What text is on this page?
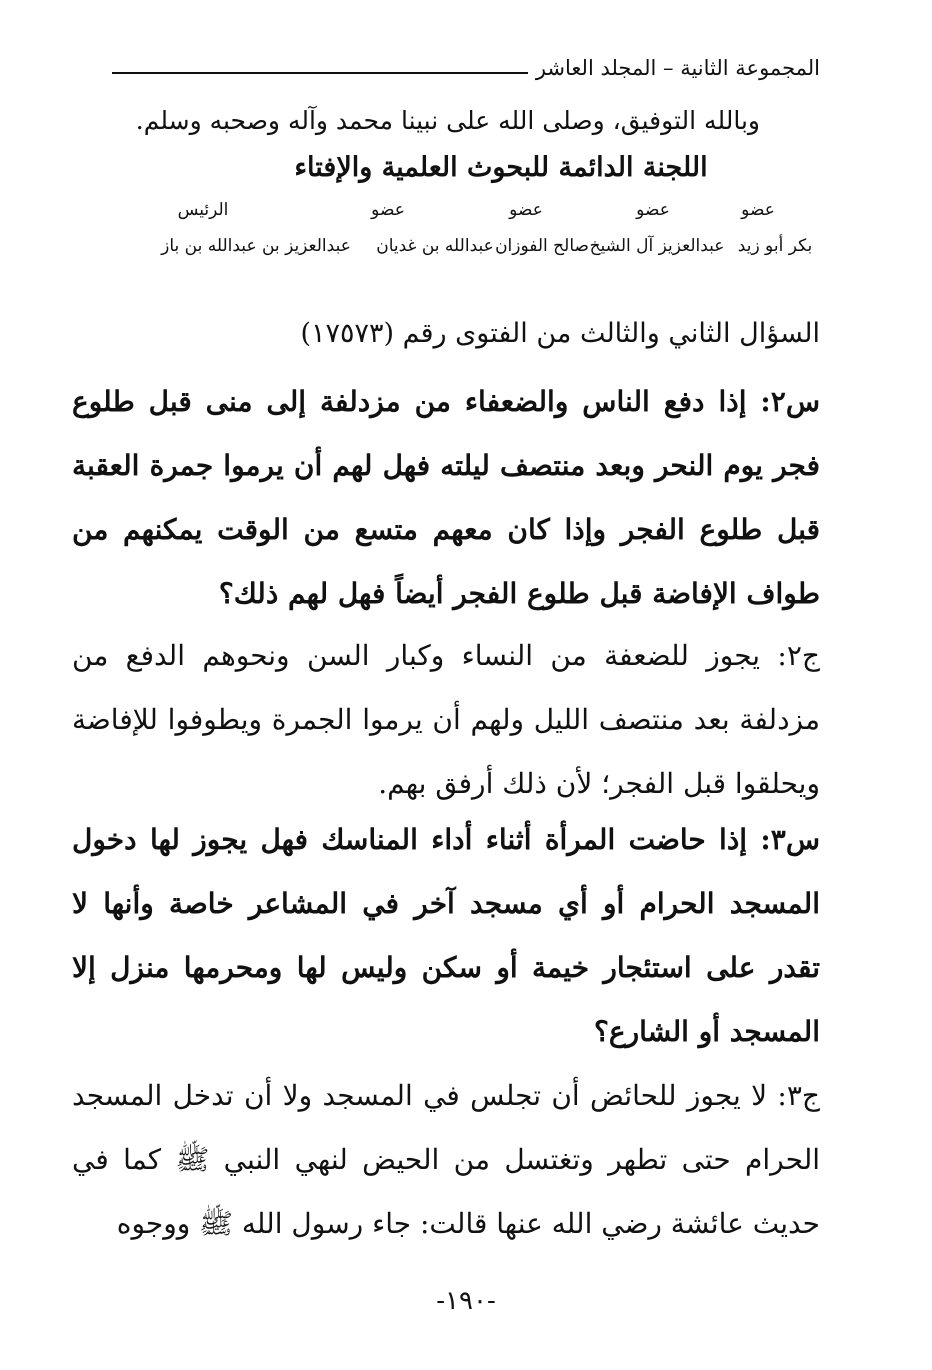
المجموعة الثانية – المجلد العاشر
وبالله التوفيق، وصلى الله على نبينا محمد وآله وصحبه وسلم.
اللجنة الدائمة للبحوث العلمية والإفتاء
عضو
عضو
عضو
عضو
الرئيس
بكر أبو زيد
عبدالعزيز آل الشيخ
صالح الفوزان
عبدالله بن غديان
عبدالعزيز بن عبدالله بن باز
السؤال الثاني والثالث من الفتوى رقم (١٧٥٧٣)
س٢: إذا دفع الناس والضعفاء من مزدلفة إلى منى قبل طلوع فجر يوم النحر وبعد منتصف ليلته فهل لهم أن يرموا جمرة العقبة قبل طلوع الفجر وإذا كان معهم متسع من الوقت يمكنهم من طواف الإفاضة قبل طلوع الفجر أيضاً فهل لهم ذلك؟
ج٢: يجوز للضعفة من النساء وكبار السن ونحوهم الدفع من مزدلفة بعد منتصف الليل ولهم أن يرموا الجمرة ويطوفوا للإفاضة ويحلقوا قبل الفجر؛ لأن ذلك أرفق بهم.
س٣: إذا حاضت المرأة أثناء أداء المناسك فهل يجوز لها دخول المسجد الحرام أو أي مسجد آخر في المشاعر خاصة وأنها لا تقدر على استئجار خيمة أو سكن وليس لها ومحرمها منزل إلا المسجد أو الشارع؟
ج٣: لا يجوز للحائض أن تجلس في المسجد ولا أن تدخل المسجد الحرام حتى تطهر وتغتسل من الحيض لنهي النبي ﷺ كما في حديث عائشة رضي الله عنها قالت: جاء رسول الله ﷺ ووجوه
-١٩٠-
